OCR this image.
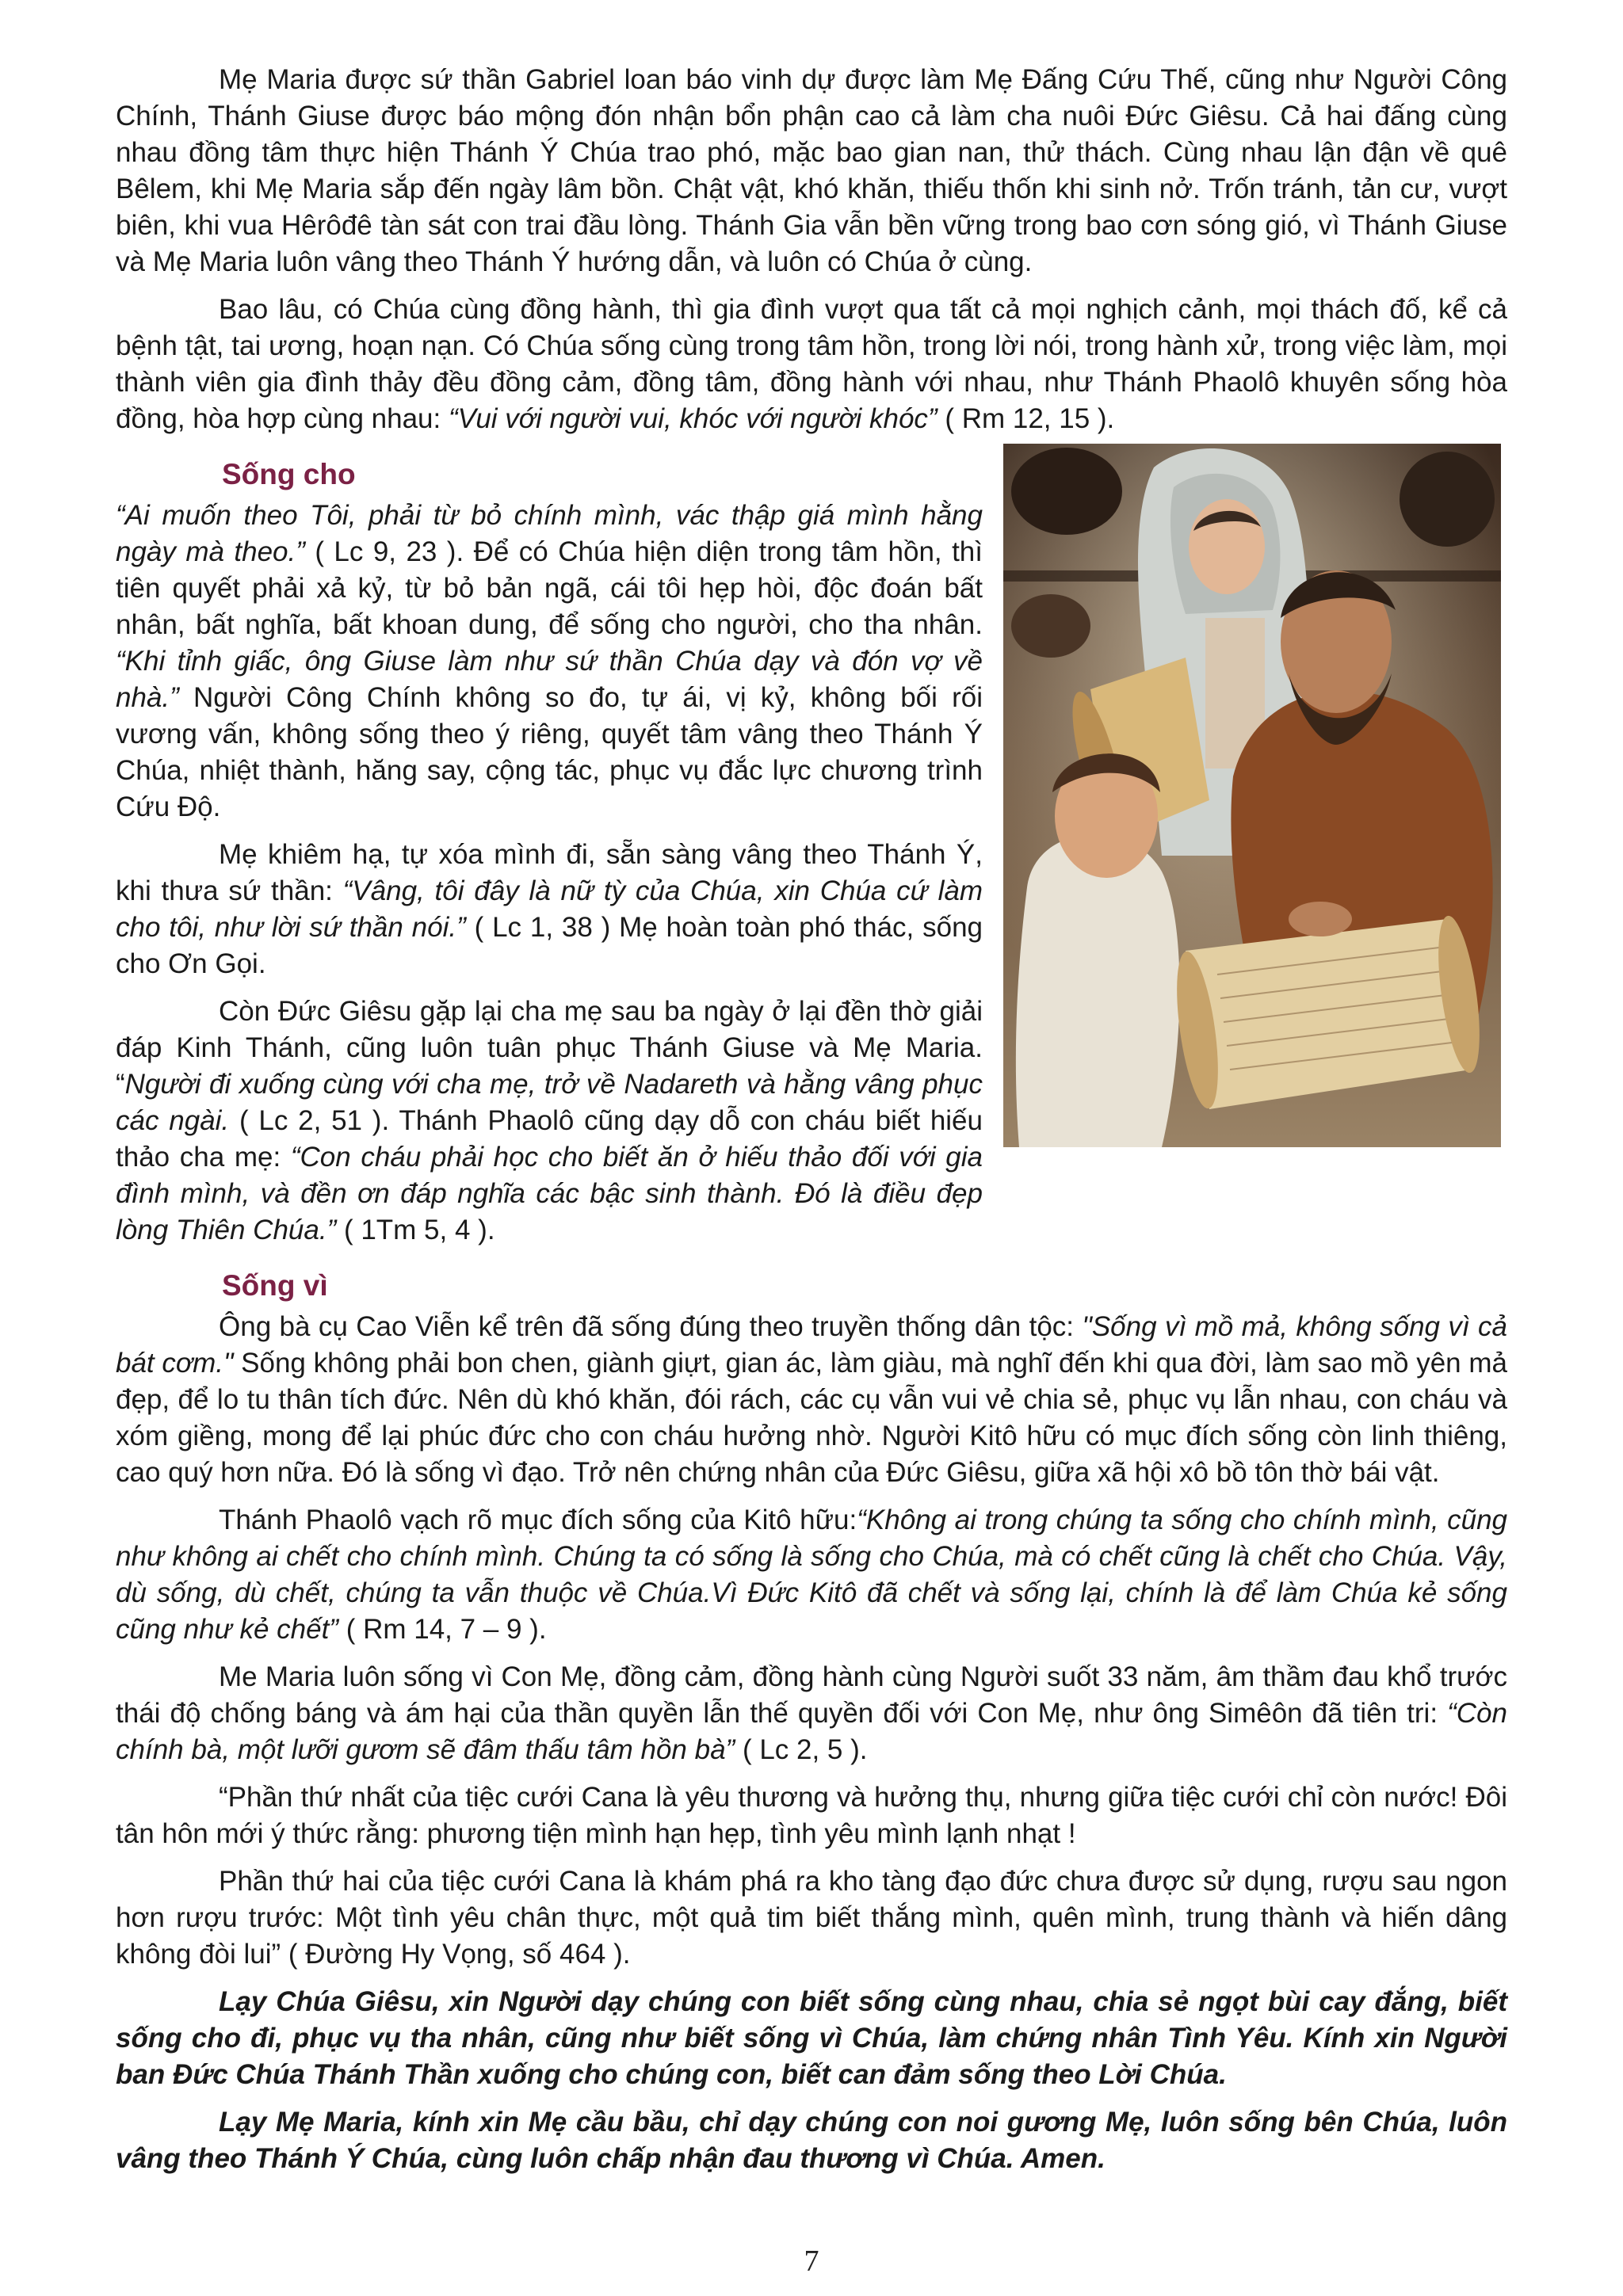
Mẹ Maria được sứ thần Gabriel loan báo vinh dự được làm Mẹ Đấng Cứu Thế, cũng như Người Công Chính, Thánh Giuse được báo mộng đón nhận bổn phận cao cả làm cha nuôi Đức Giêsu. Cả hai đấng cùng nhau đồng tâm thực hiện Thánh Ý Chúa trao phó, mặc bao gian nan, thử thách. Cùng nhau lận đận về quê Bêlem, khi Mẹ Maria sắp đến ngày lâm bồn. Chật vật, khó khăn, thiếu thốn khi sinh nở. Trốn tránh, tản cư, vượt biên, khi vua Hêrôđê tàn sát con trai đầu lòng. Thánh Gia vẫn bền vững trong bao cơn sóng gió, vì Thánh Giuse và Mẹ Maria luôn vâng theo Thánh Ý hướng dẫn, và luôn có Chúa ở cùng.

Bao lâu, có Chúa cùng đồng hành, thì gia đình vượt qua tất cả mọi nghịch cảnh, mọi thách đố, kể cả bệnh tật, tai ương, hoạn nạn. Có Chúa sống cùng trong tâm hồn, trong lời nói, trong hành xử, trong việc làm, mọi thành viên gia đình thảy đều đồng cảm, đồng tâm, đồng hành với nhau, như Thánh Phaolô khuyên sống hòa đồng, hòa hợp cùng nhau: “Vui với người vui, khóc với người khóc” ( Rm 12, 15 ).

Sống cho

“Ai muốn theo Tôi, phải từ bỏ chính mình, vác thập giá mình hằng ngày mà theo.” ( Lc 9, 23 ). Để có Chúa hiện diện trong tâm hồn, thì tiên quyết phải xả kỷ, từ bỏ bản ngã, cái tôi hẹp hòi, độc đoán bất nhân, bất nghĩa, bất khoan dung, để sống cho người, cho tha nhân. “Khi tỉnh giấc, ông Giuse làm như sứ thần Chúa dạy và đón vợ về nhà.” Người Công Chính không so đo, tự ái, vị kỷ, không bối rối vương vấn, không sống theo ý riêng, quyết tâm vâng theo Thánh Ý Chúa, nhiệt thành, hăng say, cộng tác, phục vụ đắc lực chương trình Cứu Độ.

Mẹ khiêm hạ, tự xóa mình đi, sẵn sàng vâng theo Thánh Ý, khi thưa sứ thần: “Vâng, tôi đây là nữ tỳ của Chúa, xin Chúa cứ làm cho tôi, như lời sứ thần nói.” ( Lc 1, 38 ) Mẹ hoàn toàn phó thác, sống cho Ơn Gọi.

Còn Đức Giêsu gặp lại cha mẹ sau ba ngày ở lại đền thờ giải đáp Kinh Thánh, cũng luôn tuân phục Thánh Giuse và Mẹ Maria. “Người đi xuống cùng với cha mẹ, trở về Nadareth và hằng vâng phục các ngài. ( Lc 2, 51 ). Thánh Phaolô cũng dạy dỗ con cháu biết hiếu thảo cha mẹ: “Con cháu phải học cho biết ăn ở hiếu thảo đối với gia đình mình, và đền ơn đáp nghĩa các bậc sinh thành. Đó là điều đẹp lòng Thiên Chúa.” ( 1Tm 5, 4 ).

Sống vì

Ông bà cụ Cao Viễn kể trên đã sống đúng theo truyền thống dân tộc: "Sống vì mồ mả, không sống vì cả bát cơm." Sống không phải bon chen, giành giựt, gian ác, làm giàu, mà nghĩ đến khi qua đời, làm sao mồ yên mả đẹp, để lo tu thân tích đức. Nên dù khó khăn, đói rách, các cụ vẫn vui vẻ chia sẻ, phục vụ lẫn nhau, con cháu và xóm giềng, mong để lại phúc đức cho con cháu hưởng nhờ. Người Kitô hữu có mục đích sống còn linh thiêng, cao quý hơn nữa. Đó là sống vì đạo. Trở nên chứng nhân của Đức Giêsu, giữa xã hội xô bồ tôn thờ bái vật.

Thánh Phaolô vạch rõ mục đích sống của Kitô hữu:“Không ai trong chúng ta sống cho chính mình, cũng như không ai chết cho chính mình. Chúng ta có sống là sống cho Chúa, mà có chết cũng là chết cho Chúa. Vậy, dù sống, dù chết, chúng ta vẫn thuộc về Chúa.Vì Đức Kitô đã chết và sống lại, chính là để làm Chúa kẻ sống cũng như kẻ chết” ( Rm 14, 7 – 9 ).

Me Maria luôn sống vì Con Mẹ, đồng cảm, đồng hành cùng Người suốt 33 năm, âm thầm đau khổ trước thái độ chống báng và ám hại của thần quyền lẫn thế quyền đối với Con Mẹ, như ông Simêôn đã tiên tri: “Còn chính bà, một lưỡi gươm sẽ đâm thấu tâm hồn bà” ( Lc 2, 5 ).

“Phần thứ nhất của tiệc cưới Cana là yêu thương và hưởng thụ, nhưng giữa tiệc cưới chỉ còn nước! Đôi tân hôn mới ý thức rằng: phương tiện mình hạn hẹp, tình yêu mình lạnh nhạt !

Phần thứ hai của tiệc cưới Cana là khám phá ra kho tàng đạo đức chưa được sử dụng, rượu sau ngon hơn rượu trước: Một tình yêu chân thực, một quả tim biết thắng mình, quên mình, trung thành và hiến dâng không đòi lui” ( Đường Hy Vọng, số 464 ).

Lạy Chúa Giêsu, xin Người dạy chúng con biết sống cùng nhau, chia sẻ ngọt bùi cay đắng, biết sống cho đi, phục vụ tha nhân, cũng như biết sống vì Chúa, làm chứng nhân Tình Yêu. Kính xin Người ban Đức Chúa Thánh Thần xuống cho chúng con, biết can đảm sống theo Lời Chúa.

Lạy Mẹ Maria, kính xin Mẹ cầu bầu, chỉ dạy chúng con noi gương Mẹ, luôn sống bên Chúa, luôn vâng theo Thánh Ý Chúa, cùng luôn chấp nhận đau thương vì Chúa. Amen.

7
